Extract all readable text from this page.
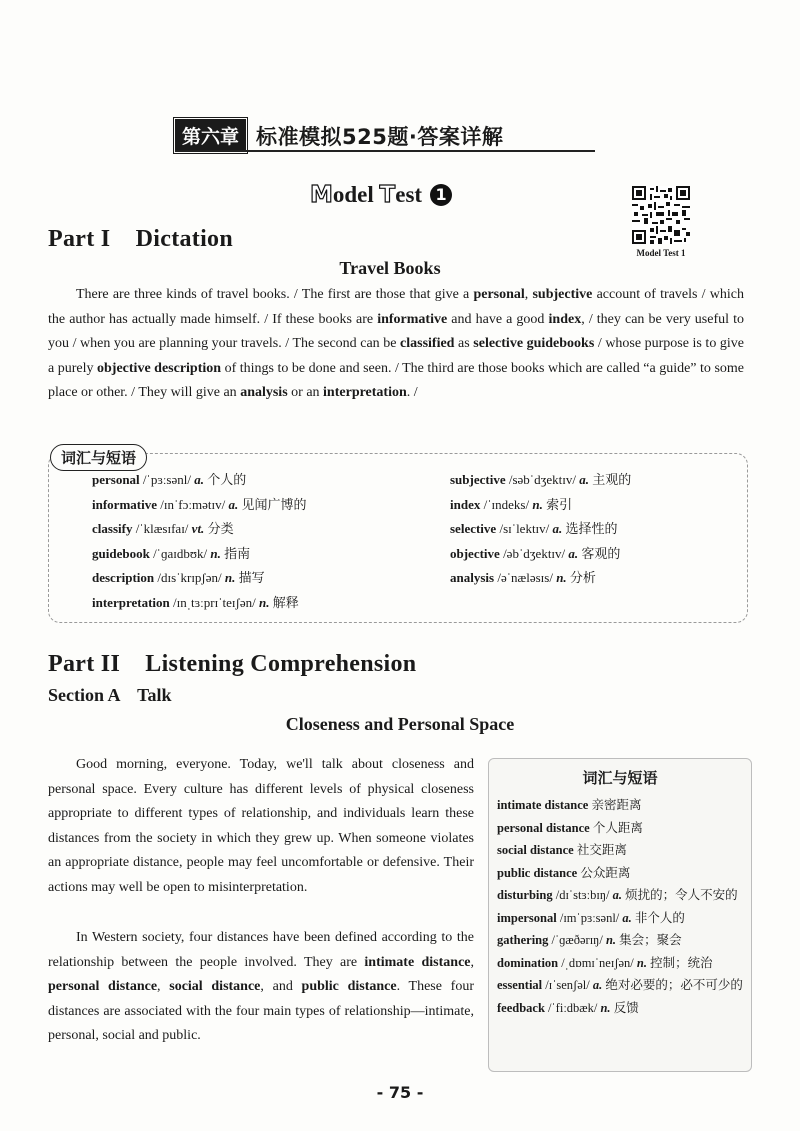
第六章 标准模拟525题·答案详解
M odel T est 1
Model Test 1
Part I    Dictation
Travel Books
There are three kinds of travel books. / The first are those that give a personal, subjective account of travels / which the author has actually made himself. / If these books are informative and have a good index, / they can be very useful to you / when you are planning your travels. / The second can be classified as selective guidebooks / whose purpose is to give a purely objective description of things to be done and seen. / The third are those books which are called “a guide” to some place or other. / They will give an analysis or an interpretation. /
词汇与短语
personal /ˈpɜːsənl/ a. 个人的
informative /ɪnˈfɔːmətɪv/ a. 见闻广博的
classify /ˈklæsɪfaɪ/ vt. 分类
guidebook /ˈɡaɪdbʊk/ n. 指南
description /dɪsˈkrɪpʃən/ n. 描写
interpretation /ɪnˌtɜːprɪˈteɪʃən/ n. 解释
subjective /səbˈdʒektɪv/ a. 主观的
index /ˈɪndeks/ n. 索引
selective /sɪˈlektɪv/ a. 选择性的
objective /əbˈdʒektɪv/ a. 客观的
analysis /əˈnæləsɪs/ n. 分析
Part II    Listening Comprehension
Section A    Talk
Closeness and Personal Space
Good morning, everyone. Today, we'll talk about closeness and personal space. Every culture has different levels of physical closeness appropriate to different types of relationship, and individuals learn these distances from the society in which they grew up. When someone violates an appropriate distance, people may feel uncomfortable or defensive. Their actions may well be open to misinterpretation.
In Western society, four distances have been defined according to the relationship between the people involved. They are intimate distance, personal distance, social distance, and public distance. These four distances are associated with the four main types of relationship—intimate, personal, social and public.
词汇与短语
intimate distance 亲密距离
personal distance 个人距离
social distance 社交距离
public distance 公众距离
disturbing /dɪˈstɜːbɪŋ/ a. 烦扰的；令人不安的
impersonal /ɪmˈpɜːsənl/ a. 非个人的
gathering /ˈɡæðərɪŋ/ n. 集会；聚会
domination /ˌdɒmɪˈneɪʃən/ n. 控制；统治
essential /ɪˈsenʃəl/ a. 绝对必要的；必不可少的
feedback /ˈfiːdbæk/ n. 反馈
- 75 -
